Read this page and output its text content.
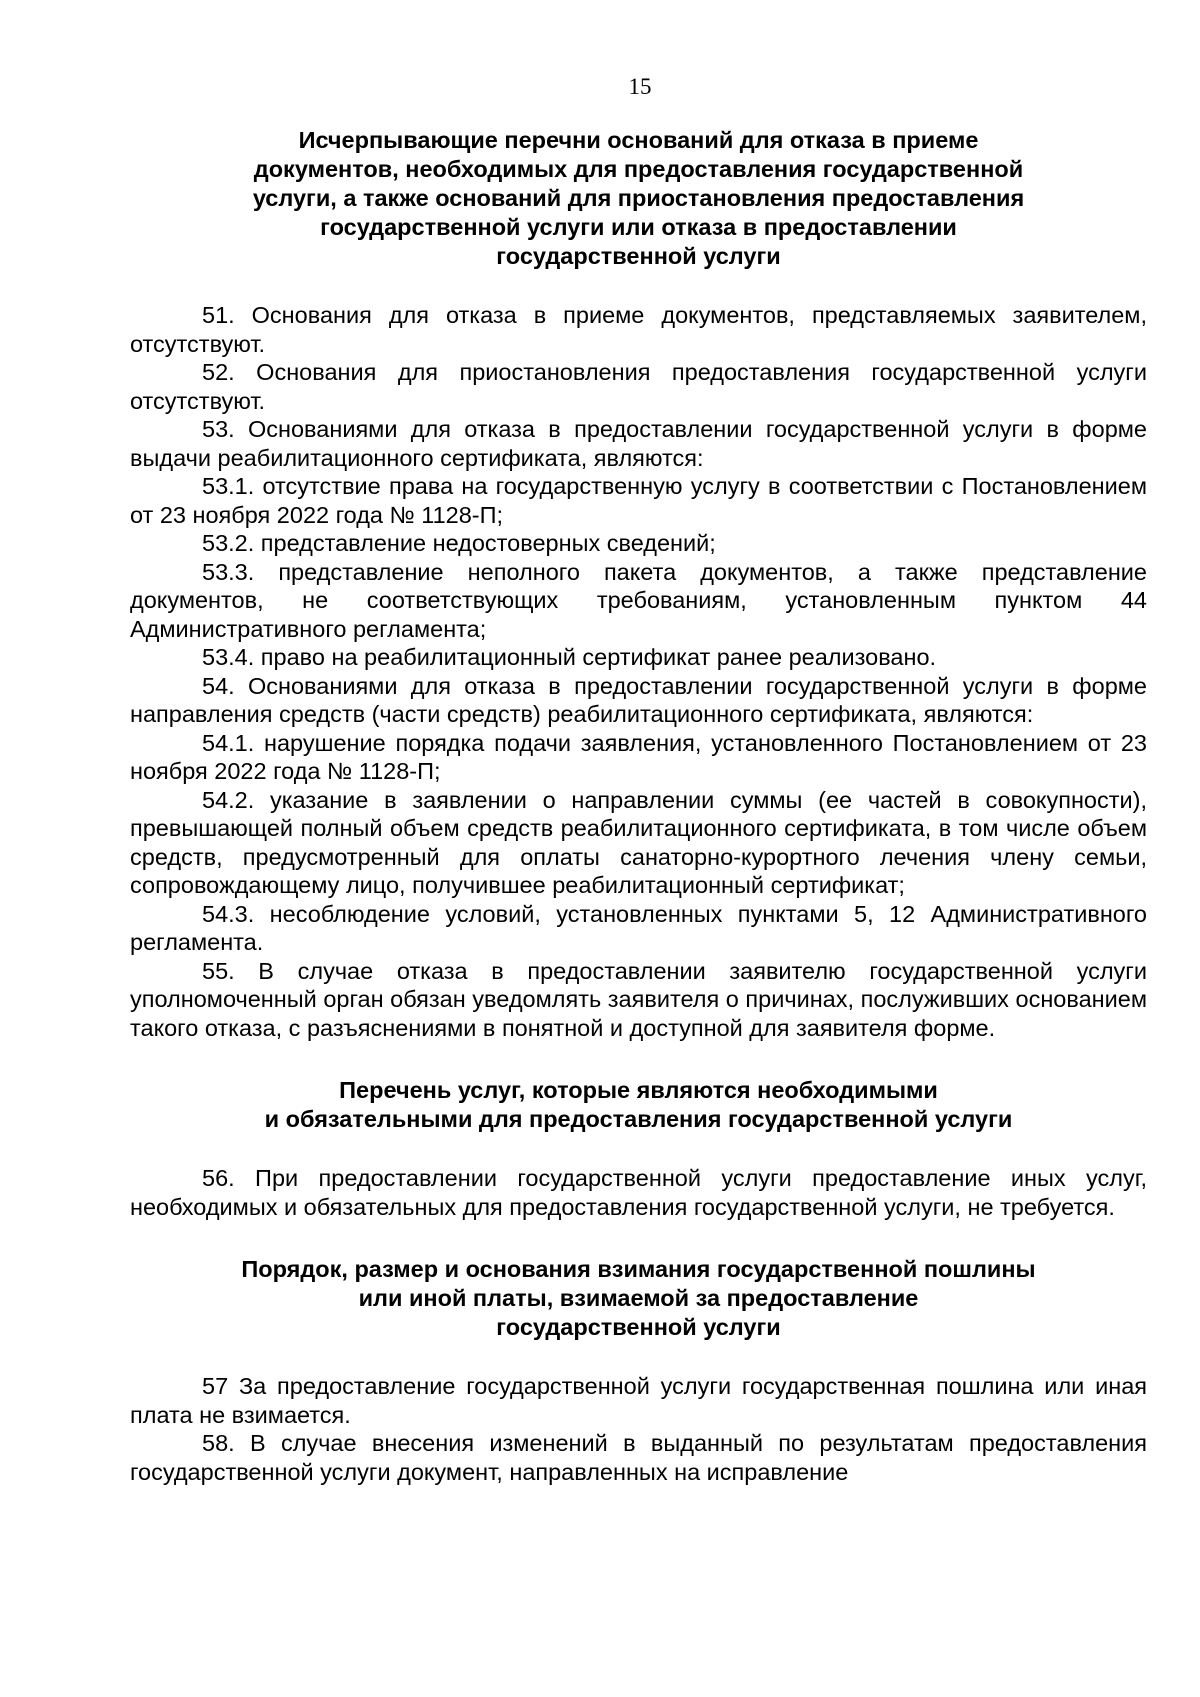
15
Исчерпывающие перечни оснований для отказа в приеме
документов, необходимых для предоставления государственной
услуги, а также оснований для приостановления предоставления
государственной услуги или отказа в предоставлении
государственной услуги

51. Основания для отказа в приеме документов, представляемых заявителем, отсутствуют.

52. Основания для приостановления предоставления государственной услуги отсутствуют.

53. Основаниями для отказа в предоставлении государственной услуги в форме выдачи реабилитационного сертификата, являются:

53.1. отсутствие права на государственную услугу в соответствии с Постановлением от 23 ноября 2022 года № 1128-П;

53.2. представление недостоверных сведений;

53.3. представление неполного пакета документов, а также представление документов, не соответствующих требованиям, установленным пунктом 44 Административного регламента;

53.4. право на реабилитационный сертификат ранее реализовано.

54. Основаниями для отказа в предоставлении государственной услуги в форме направления средств (части средств) реабилитационного сертификата, являются:

54.1. нарушение порядка подачи заявления, установленного Постановлением от 23 ноября 2022 года № 1128-П;

54.2. указание в заявлении о направлении суммы (ее частей в совокупности), превышающей полный объем средств реабилитационного сертификата, в том числе объем средств, предусмотренный для оплаты санаторно-курортного лечения члену семьи, сопровождающему лицо, получившее реабилитационный сертификат;

54.3. несоблюдение условий, установленных пунктами 5, 12 Административного регламента.

55. В случае отказа в предоставлении заявителю государственной услуги уполномоченный орган обязан уведомлять заявителя о причинах, послуживших основанием такого отказа, с разъяснениями в понятной и доступной для заявителя форме.

Перечень услуг, которые являются необходимыми
и обязательными для предоставления государственной услуги

56. При предоставлении государственной услуги предоставление иных услуг, необходимых и обязательных для предоставления государственной услуги, не требуется.

Порядок, размер и основания взимания государственной пошлины
или иной платы, взимаемой за предоставление
государственной услуги

57 За предоставление государственной услуги государственная пошлина или иная плата не взимается.

58. В случае внесения изменений в выданный по результатам предоставления государственной услуги документ, направленных на исправление
